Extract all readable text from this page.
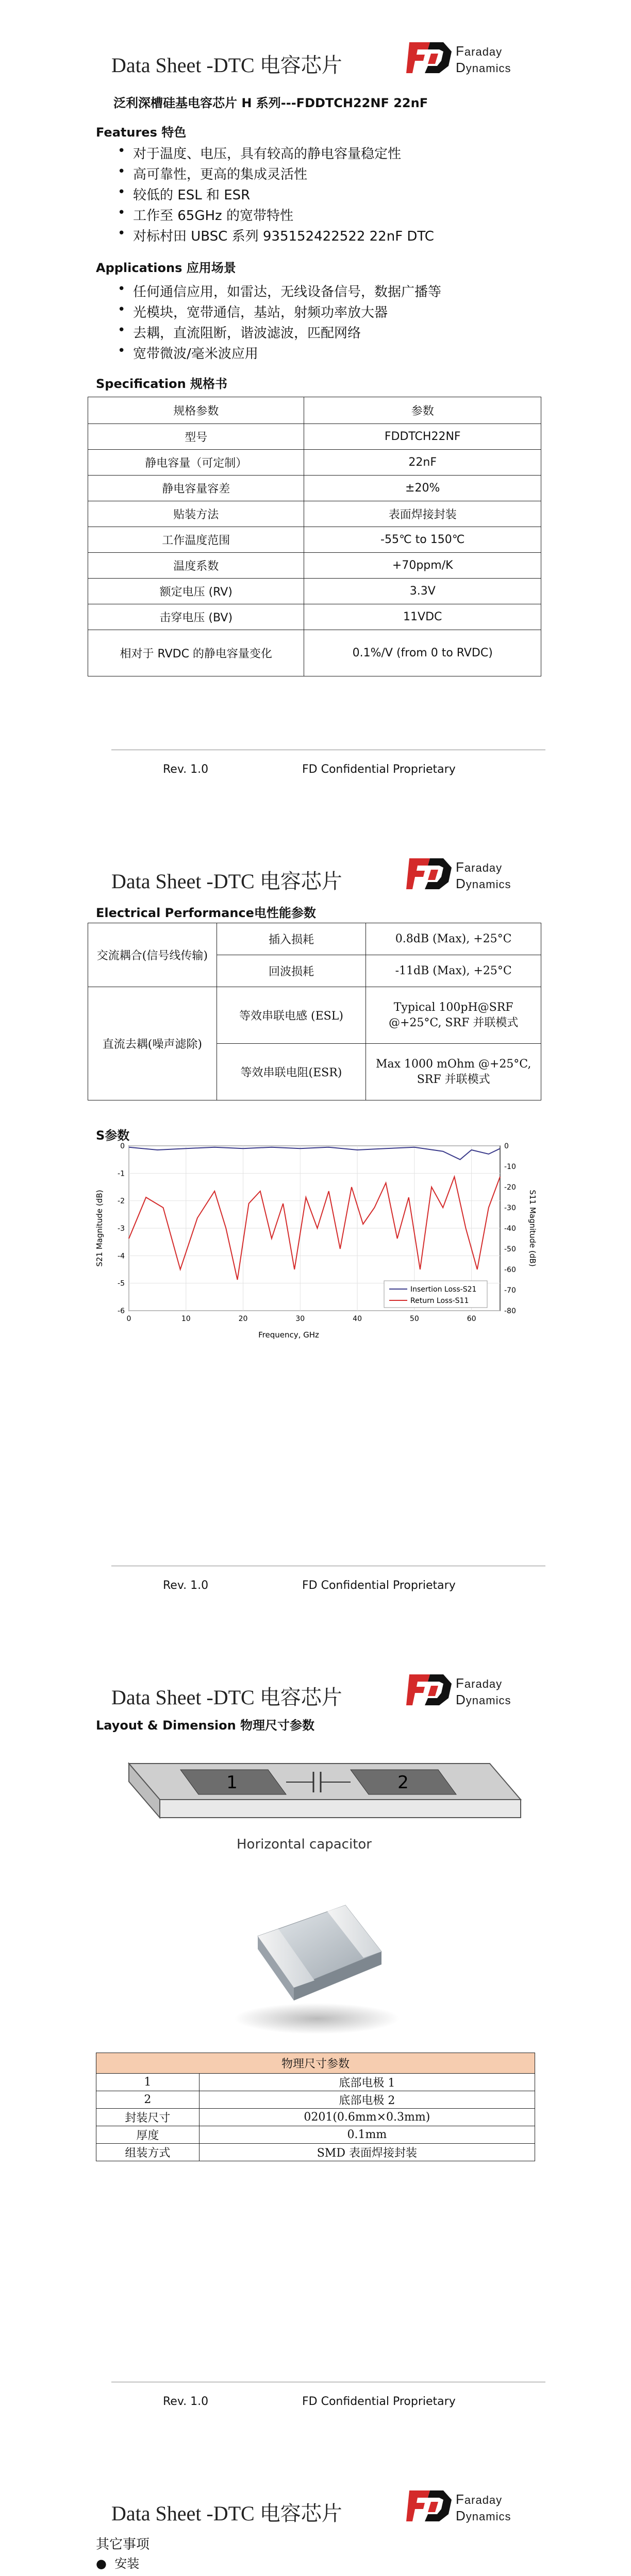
Data Sheet -DTC 电容芯片
Faraday
Dynamics
泛利深槽硅基电容芯片 H 系列---FDDTCH22NF 22nF
Features 特色
• 对于温度、电压，具有较高的静电容量稳定性
• 高可靠性，更高的集成灵活性
• 较低的 ESL 和 ESR
• 工作至 65GHz 的宽带特性
• 对标村田 UBSC 系列 935152422522 22nF DTC
Applications 应用场景
• 任何通信应用，如雷达，无线设备信号，数据广播等
• 光模块，宽带通信，基站，射频功率放大器
• 去耦，直流阻断，谐波滤波，匹配网络
• 宽带微波/毫米波应用
Specification 规格书
规格参数	参数
型号	FDDTCH22NF
静电容量（可定制）	22nF
静电容量容差	±20%
贴装方法	表面焊接封装
工作温度范围	-55℃ to 150℃
温度系数	+70ppm/K
额定电压 (RV)	3.3V
击穿电压 (BV)	11VDC
相对于 RVDC 的静电容量变化	0.1%/V (from 0 to RVDC)
Rev. 1.0	FD Confidential Proprietary
Data Sheet -DTC 电容芯片
Faraday
Dynamics
Electrical Performance电性能参数
交流耦合(信号线传输)	插入损耗	0.8dB (Max), +25°C
	回波损耗	-11dB (Max), +25°C
直流去耦(噪声滤除)	等效串联电感 (ESL)	Typical 100pH@SRF @+25°C, SRF 并联模式
	等效串联电阻(ESR)	Max 1000 mOhm @+25°C, SRF 并联模式
S参数
0	10	20	30	40	50	60
0
-1
-2
-3
-4
-5
-6
0
-10
-20
-30
-40
-50
-60
-70
-80
Frequency, GHz
S21 Magnitude (dB)	S11 Magnitude (dB)
Insertion Loss-S21
Return Loss-S11
Rev. 1.0	FD Confidential Proprietary
Data Sheet -DTC 电容芯片
Faraday
Dynamics
Layout & Dimension 物理尺寸参数
1	2
Horizontal capacitor
物理尺寸参数	
1	底部电极 1
2	底部电极 2
封装尺寸	0201(0.6mm×0.3mm)
厚度	0.1mm
组装方式	SMD 表面焊接封装
Rev. 1.0	FD Confidential Proprietary
Data Sheet -DTC 电容芯片
Faraday
Dynamics
其它事项
●  安装
